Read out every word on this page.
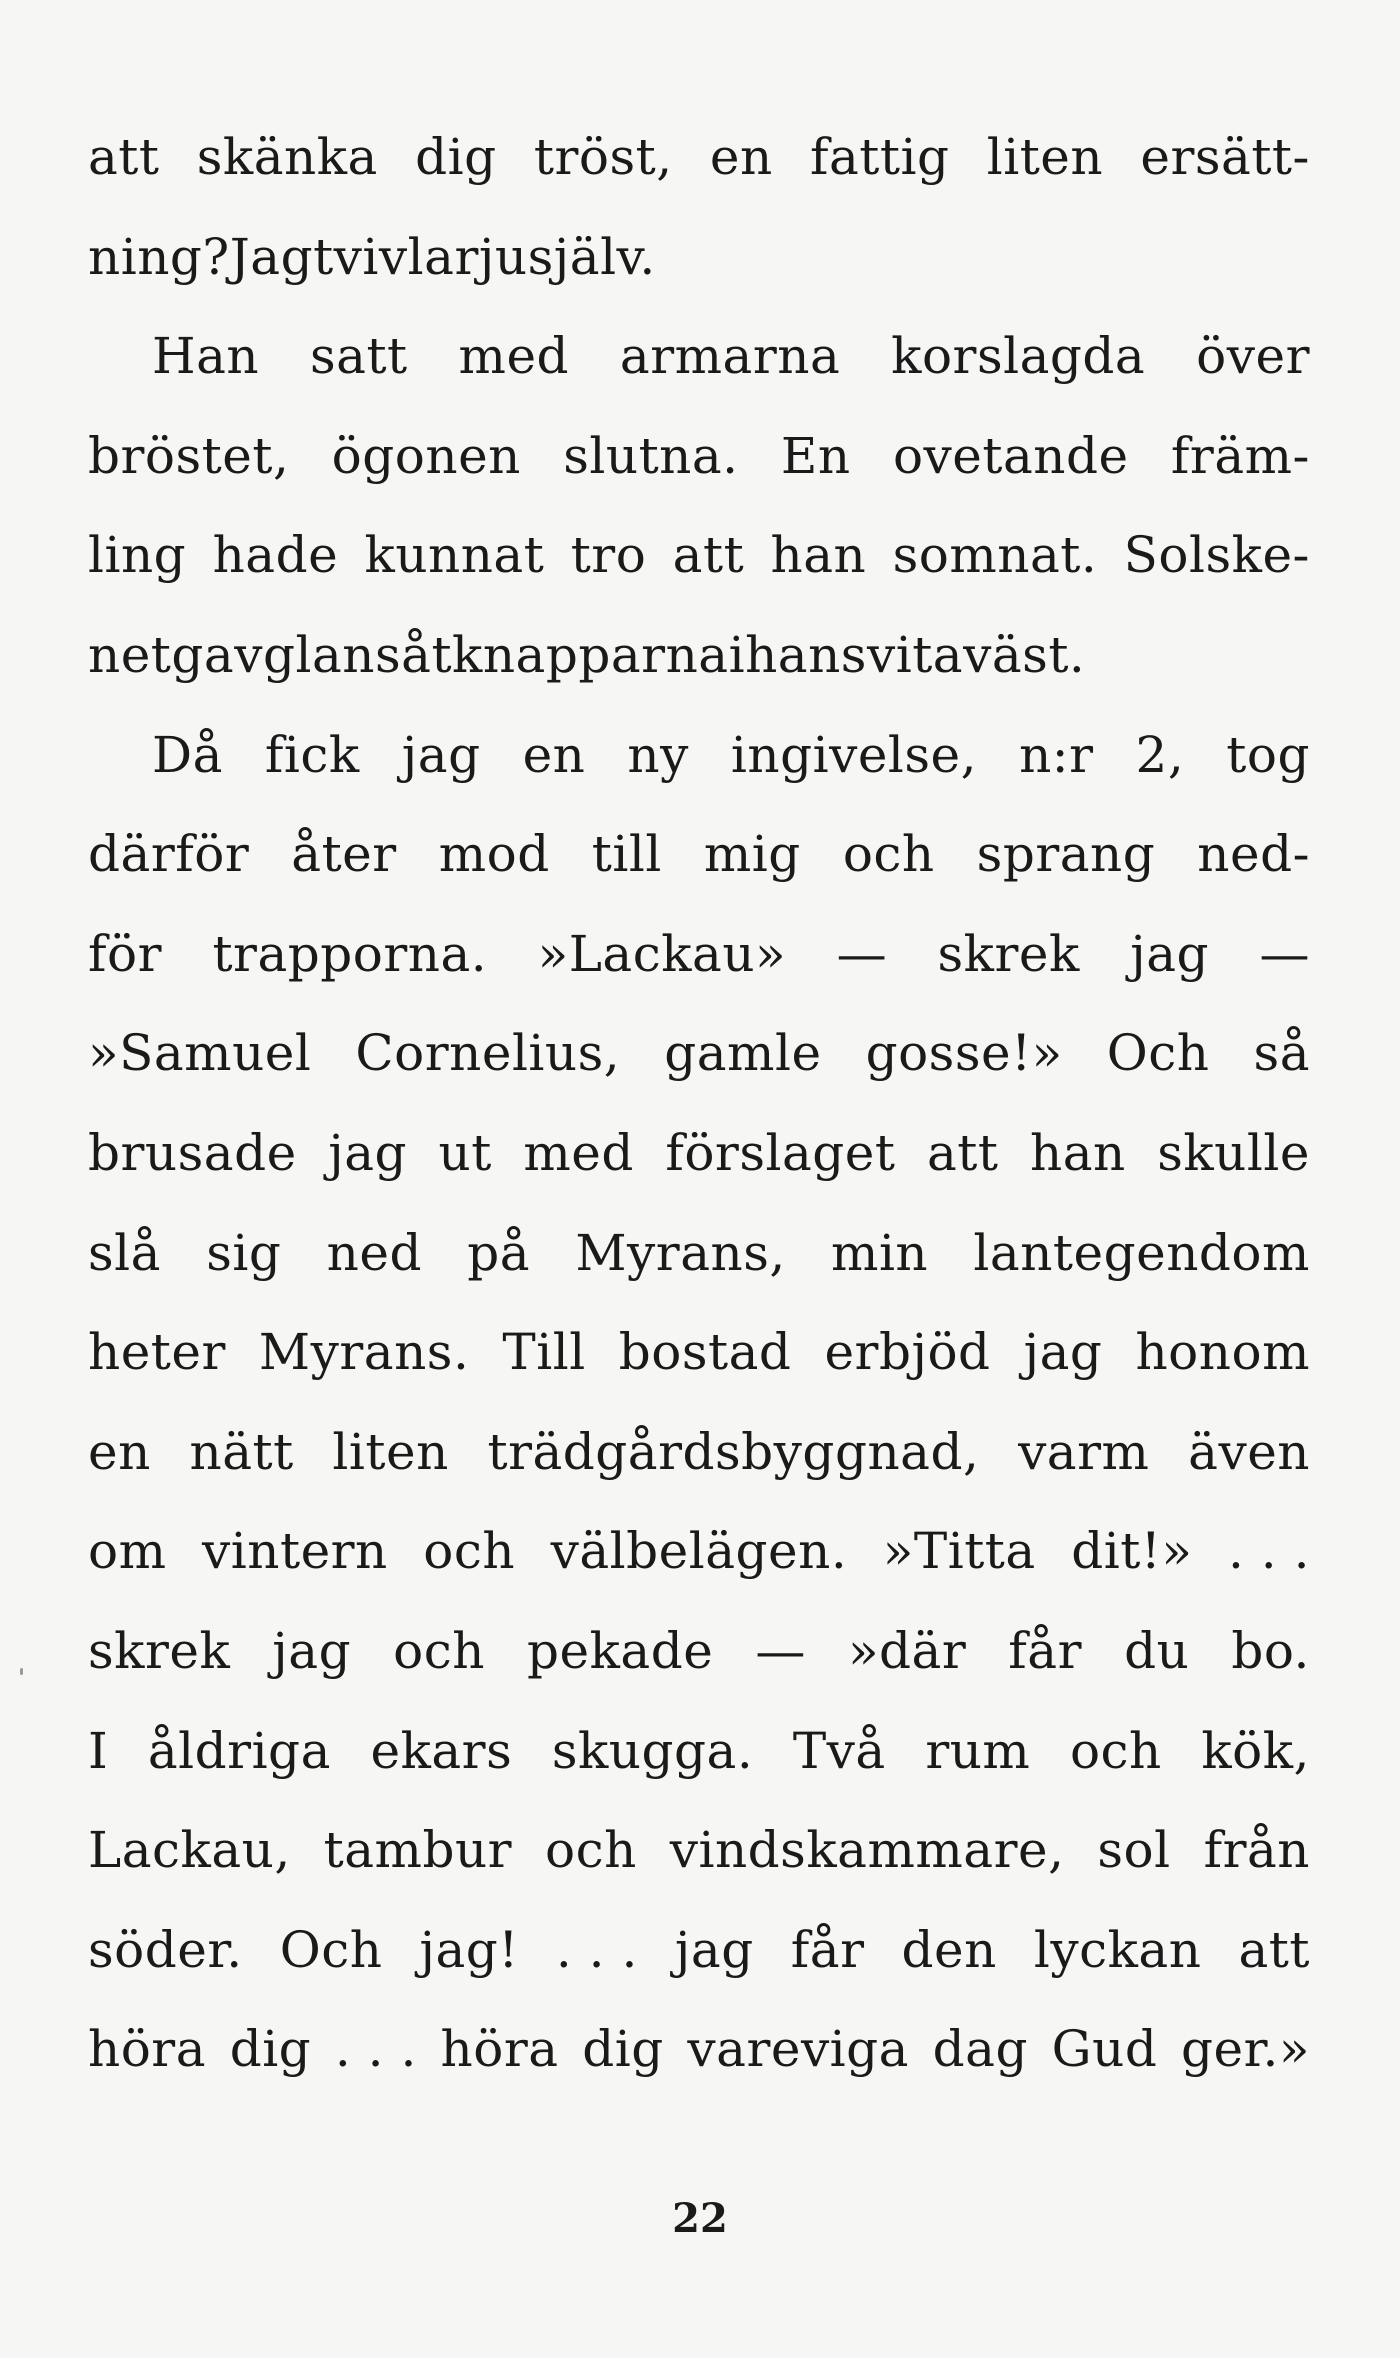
att skänka dig tröst, en fattig liten ersätt-
ning? Jag tvivlar ju själv.
Han satt med armarna korslagda över
bröstet, ögonen slutna. En ovetande främ-
ling hade kunnat tro att han somnat. Solske-
net gav glans åt knapparna i hans vita väst.
Då fick jag en ny ingivelse, n:r 2, tog
därför åter mod till mig och sprang ned-
för trapporna. »Lackau» — skrek jag —
»Samuel Cornelius, gamle gosse!» Och så
brusade jag ut med förslaget att han skulle
slå sig ned på Myrans, min lantegendom
heter Myrans. Till bostad erbjöd jag honom
en nätt liten trädgårdsbyggnad, varm även
om vintern och välbelägen. »Titta dit!» . . .
skrek jag och pekade — »där får du bo.
I åldriga ekars skugga. Två rum och kök,
Lackau, tambur och vindskammare, sol från
söder. Och jag! . . . jag får den lyckan att
höra dig . . . höra dig vareviga dag Gud ger.»
22
